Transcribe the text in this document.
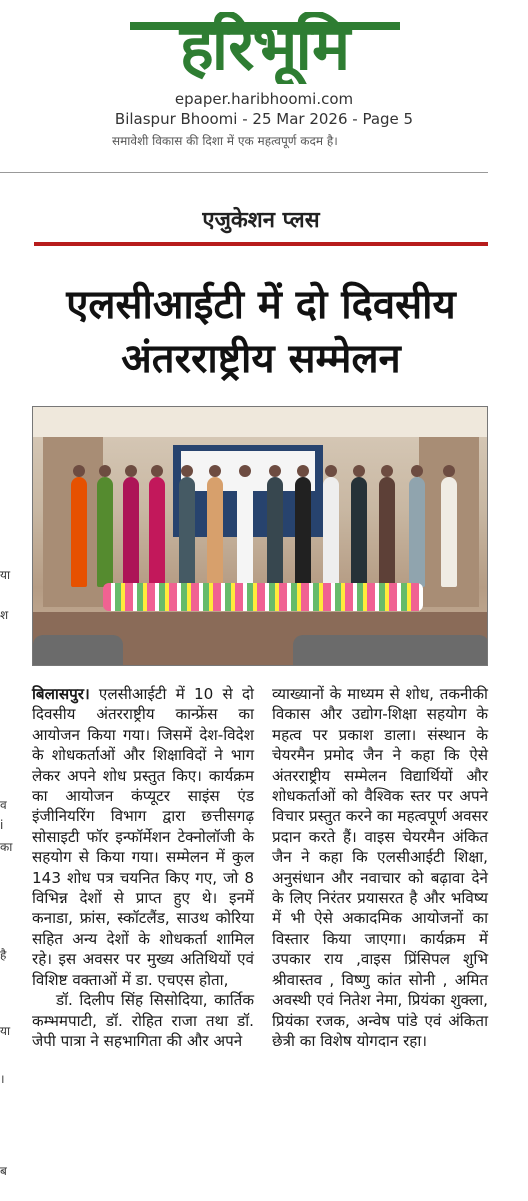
हरिभूमि
epaper.haribhoomi.com
Bilaspur Bhoomi - 25 Mar 2026 - Page 5
समावेशी विकास की दिशा में एक महत्वपूर्ण कदम है।
या
श
व
i
का
है
या
।
ब
एजुकेशन प्लस
एलसीआईटी में दो दिवसीय
अंतरराष्ट्रीय सम्मेलन

बिलासपुर। एलसीआईटी में 10 से दो दिवसीय अंतरराष्ट्रीय कान्फ्रेंस का आयोजन किया गया। जिसमें देश-विदेश के शोधकर्ताओं और शिक्षाविदों ने भाग लेकर अपने शोध प्रस्तुत किए। कार्यक्रम का आयोजन कंप्यूटर साइंस एंड इंजीनियरिंग विभाग द्वारा छत्तीसगढ़ सोसाइटी फॉर इन्फॉर्मेशन टेक्नोलॉजी के सहयोग से किया गया। सम्मेलन में कुल 143 शोध पत्र चयनित किए गए, जो 8 विभिन्न देशों से प्राप्त हुए थे। इनमें कनाडा, फ्रांस, स्कॉटलैंड, साउथ कोरिया सहित अन्य देशों के शोधकर्ता शामिल रहे। इस अवसर पर मुख्य अतिथियों एवं विशिष्ट वक्ताओं में डा. एचएस होता,

डॉ. दिलीप सिंह सिसोदिया, कार्तिक कम्भमपाटी, डॉ. रोहित राजा तथा डॉ. जेपी पात्रा ने सहभागिता की और अपने

व्याख्यानों के माध्यम से शोध, तकनीकी विकास और उद्योग-शिक्षा सहयोग के महत्व पर प्रकाश डाला। संस्थान के चेयरमैन प्रमोद जैन ने कहा कि ऐसे अंतरराष्ट्रीय सम्मेलन विद्यार्थियों और शोधकर्ताओं को वैश्विक स्तर पर अपने विचार प्रस्तुत करने का महत्वपूर्ण अवसर प्रदान करते हैं। वाइस चेयरमैन अंकित जैन ने कहा कि एलसीआईटी शिक्षा, अनुसंधान और नवाचार को बढ़ावा देने के लिए निरंतर प्रयासरत है और भविष्य में भी ऐसे अकादमिक आयोजनों का विस्तार किया जाएगा। कार्यक्रम में उपकार राय ,वाइस प्रिंसिपल शुभि श्रीवास्तव , विष्णु कांत सोनी , अमित अवस्थी एवं नितेश नेमा, प्रियंका शुक्ला, प्रियंका रजक, अन्वेष पांडे एवं अंकिता छेत्री का विशेष योगदान रहा।
